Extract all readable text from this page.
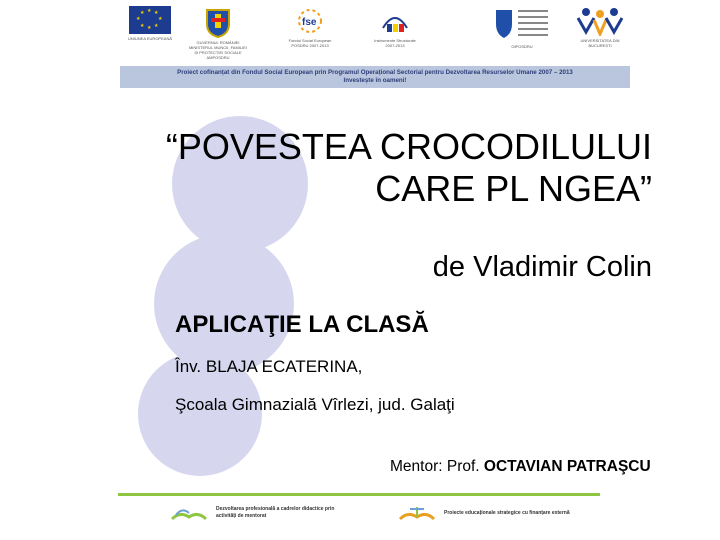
★ ★
★
★
★
★
★
★
UNIUNEA EUROPEANĂ
GUVERNUL ROMÂNIEI
MINISTERUL MUNCII, FAMILIEI
ȘI PROTECȚIEI SOCIALE
AMPOSDRU
fse
Fondul Social European
POSDRU 2007-2013
Instrumente Structurale
2007-2013	OIPOSDRU
UNIVERSITATEA DIN
BUCUREȘTI
Proiect cofinanțat din Fondul Social European prin Programul Operațional Sectorial pentru Dezvoltarea Resurselor Umane 2007 – 2013
Investește în oameni!
“POVESTEA CROCODILULUI
CARE PL NGEA”
de Vladimir Colin
APLICAŢIE LA CLASĂ
Înv. BLAJA ECATERINA,
Şcoala Gimnazială Vîrlezi, jud. Galaţi
Mentor: Prof. OCTAVIAN PATRAŞCU
Dezvoltarea profesională a cadrelor didactice prin activități de mentorat
Proiecte educaționale strategice cu finanțare externă
